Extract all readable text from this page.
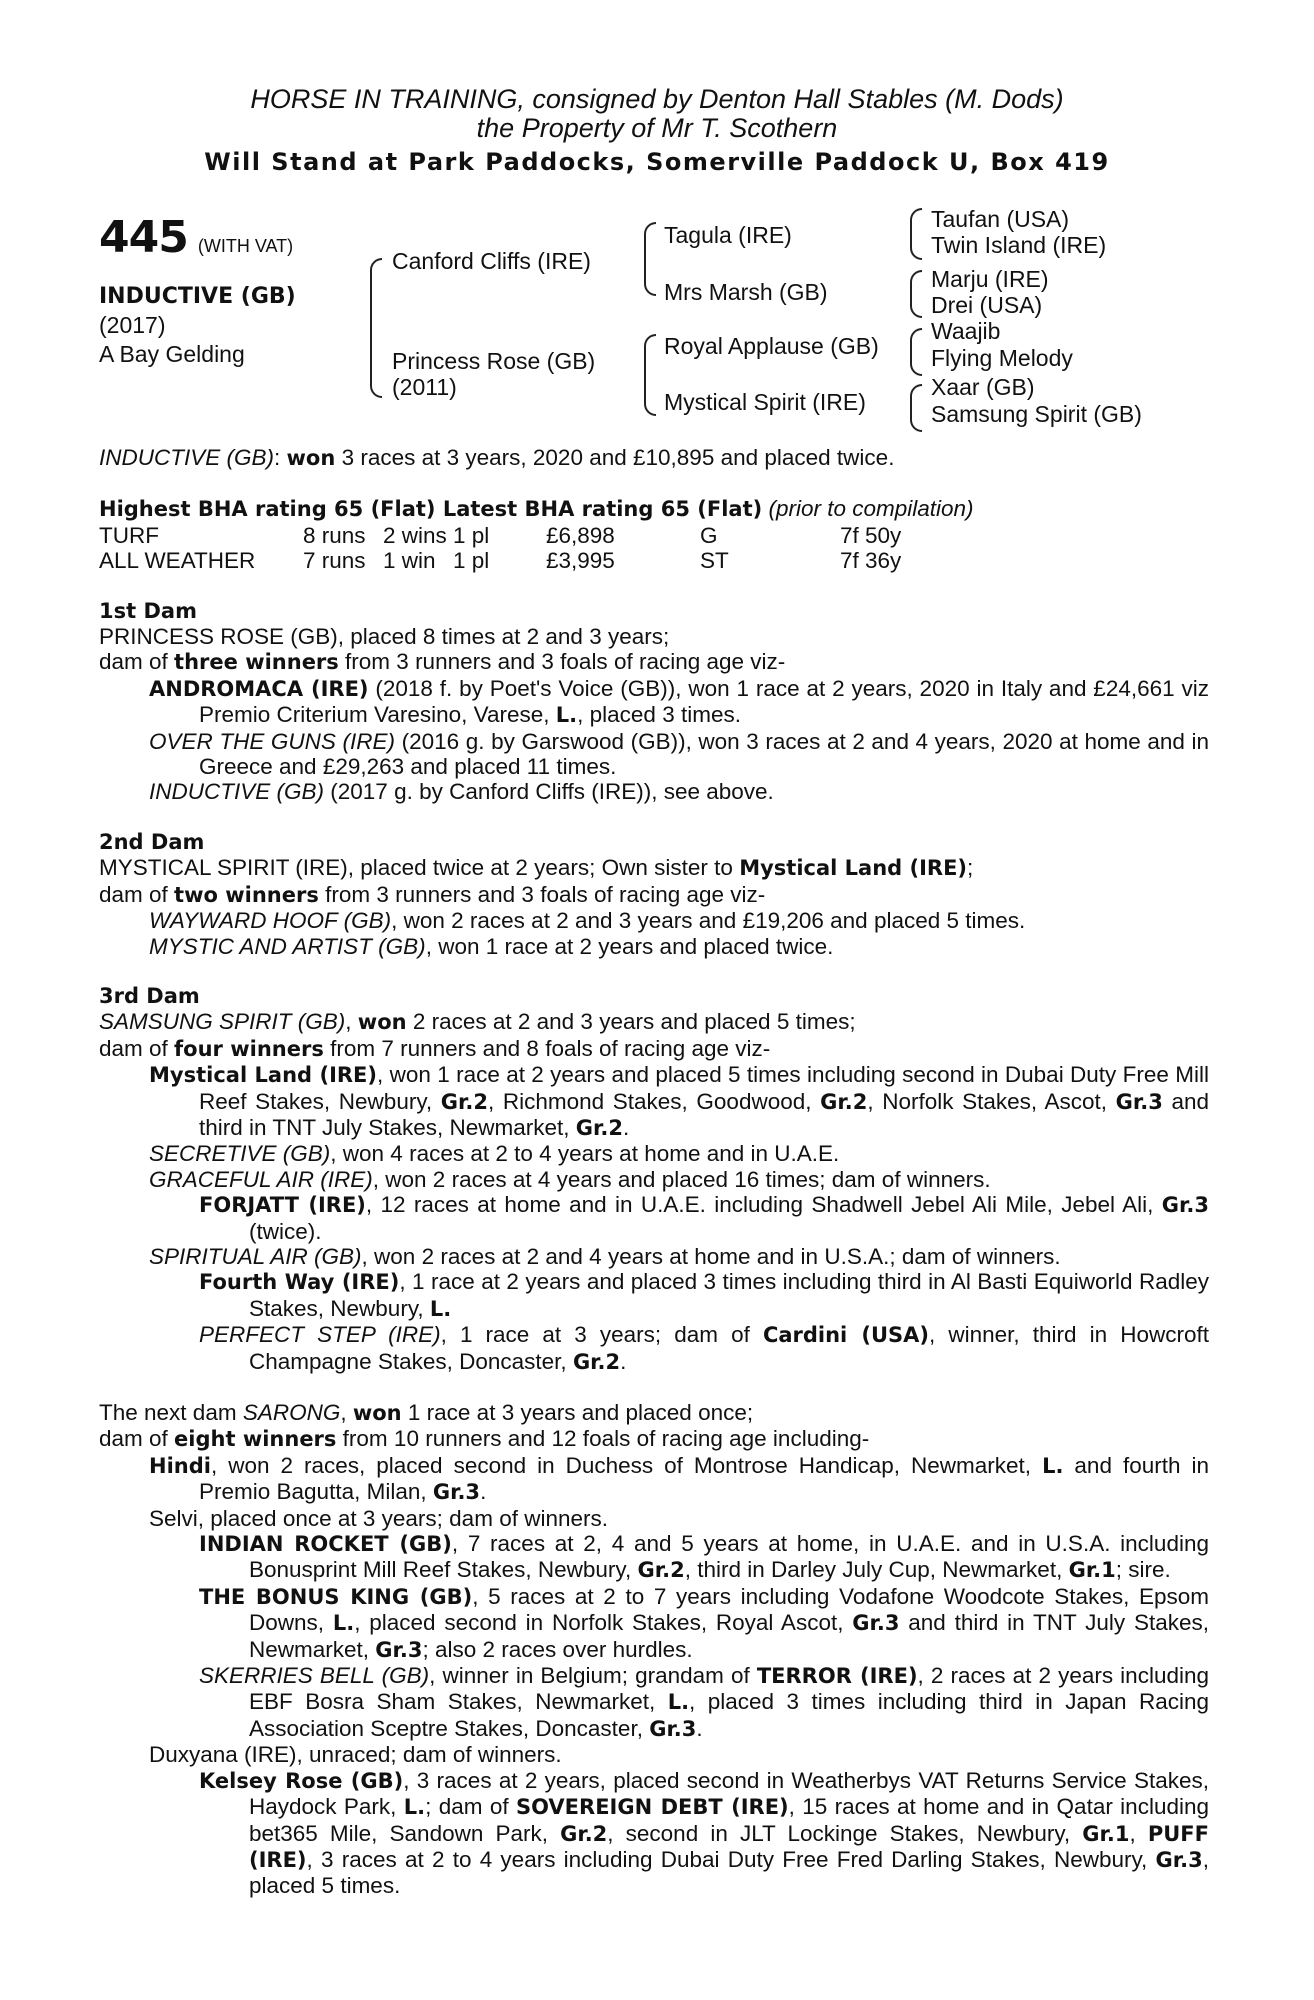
HORSE IN TRAINING, consigned by Denton Hall Stables (M. Dods)
the Property of Mr T. Scothern
Will Stand at Park Paddocks, Somerville Paddock U, Box 419
445 (WITH VAT)
INDUCTIVE (GB)
(2017)
A Bay Gelding
Canford Cliffs (IRE)
Princess Rose (GB)
(2011)
Tagula (IRE)
Mrs Marsh (GB)
Royal Applause (GB)
Mystical Spirit (IRE)
Taufan (USA)
Twin Island (IRE)
Marju (IRE)
Drei (USA)
Waajib
Flying Melody
Xaar (GB)
Samsung Spirit (GB)

INDUCTIVE (GB): won 3 races at 3 years, 2020 and £10,895 and placed twice.

Highest BHA rating 65 (Flat) Latest BHA rating 65 (Flat) (prior to compilation)

TURF	8 runs	2 wins	1 pl	£6,898	G	7f 50y
ALL WEATHER	7 runs	1 win	1 pl	£3,995	ST	7f 36y

1st Dam

PRINCESS ROSE (GB), placed 8 times at 2 and 3 years;

dam of three winners from 3 runners and 3 foals of racing age viz-

ANDROMACA (IRE) (2018 f. by Poet's Voice (GB)), won 1 race at 2 years, 2020 in Italy and £24,661 viz Premio Criterium Varesino, Varese, L., placed 3 times.

OVER THE GUNS (IRE) (2016 g. by Garswood (GB)), won 3 races at 2 and 4 years, 2020 at home and in Greece and £29,263 and placed 11 times.

INDUCTIVE (GB) (2017 g. by Canford Cliffs (IRE)), see above.

2nd Dam

MYSTICAL SPIRIT (IRE), placed twice at 2 years; Own sister to Mystical Land (IRE);

dam of two winners from 3 runners and 3 foals of racing age viz-

WAYWARD HOOF (GB), won 2 races at 2 and 3 years and £19,206 and placed 5 times.

MYSTIC AND ARTIST (GB), won 1 race at 2 years and placed twice.

3rd Dam

SAMSUNG SPIRIT (GB), won 2 races at 2 and 3 years and placed 5 times;

dam of four winners from 7 runners and 8 foals of racing age viz-

Mystical Land (IRE), won 1 race at 2 years and placed 5 times including second in Dubai Duty Free Mill Reef Stakes, Newbury, Gr.2, Richmond Stakes, Goodwood, Gr.2, Norfolk Stakes, Ascot, Gr.3 and third in TNT July Stakes, Newmarket, Gr.2.

SECRETIVE (GB), won 4 races at 2 to 4 years at home and in U.A.E.

GRACEFUL AIR (IRE), won 2 races at 4 years and placed 16 times; dam of winners.

FORJATT (IRE), 12 races at home and in U.A.E. including Shadwell Jebel Ali Mile, Jebel Ali, Gr.3 (twice).

SPIRITUAL AIR (GB), won 2 races at 2 and 4 years at home and in U.S.A.; dam of winners.

Fourth Way (IRE), 1 race at 2 years and placed 3 times including third in Al Basti Equiworld Radley Stakes, Newbury, L.

PERFECT STEP (IRE), 1 race at 3 years; dam of Cardini (USA), winner, third in Howcroft Champagne Stakes, Doncaster, Gr.2.

The next dam SARONG, won 1 race at 3 years and placed once;

dam of eight winners from 10 runners and 12 foals of racing age including-

Hindi, won 2 races, placed second in Duchess of Montrose Handicap, Newmarket, L. and fourth in Premio Bagutta, Milan, Gr.3.

Selvi, placed once at 3 years; dam of winners.

INDIAN ROCKET (GB), 7 races at 2, 4 and 5 years at home, in U.A.E. and in U.S.A. including Bonusprint Mill Reef Stakes, Newbury, Gr.2, third in Darley July Cup, Newmarket, Gr.1; sire.

THE BONUS KING (GB), 5 races at 2 to 7 years including Vodafone Woodcote Stakes, Epsom Downs, L., placed second in Norfolk Stakes, Royal Ascot, Gr.3 and third in TNT July Stakes, Newmarket, Gr.3; also 2 races over hurdles.

SKERRIES BELL (GB), winner in Belgium; grandam of TERROR (IRE), 2 races at 2 years including EBF Bosra Sham Stakes, Newmarket, L., placed 3 times including third in Japan Racing Association Sceptre Stakes, Doncaster, Gr.3.

Duxyana (IRE), unraced; dam of winners.

Kelsey Rose (GB), 3 races at 2 years, placed second in Weatherbys VAT Returns Service Stakes, Haydock Park, L.; dam of SOVEREIGN DEBT (IRE), 15 races at home and in Qatar including bet365 Mile, Sandown Park, Gr.2, second in JLT Lockinge Stakes, Newbury, Gr.1, PUFF (IRE), 3 races at 2 to 4 years including Dubai Duty Free Fred Darling Stakes, Newbury, Gr.3, placed 5 times.
